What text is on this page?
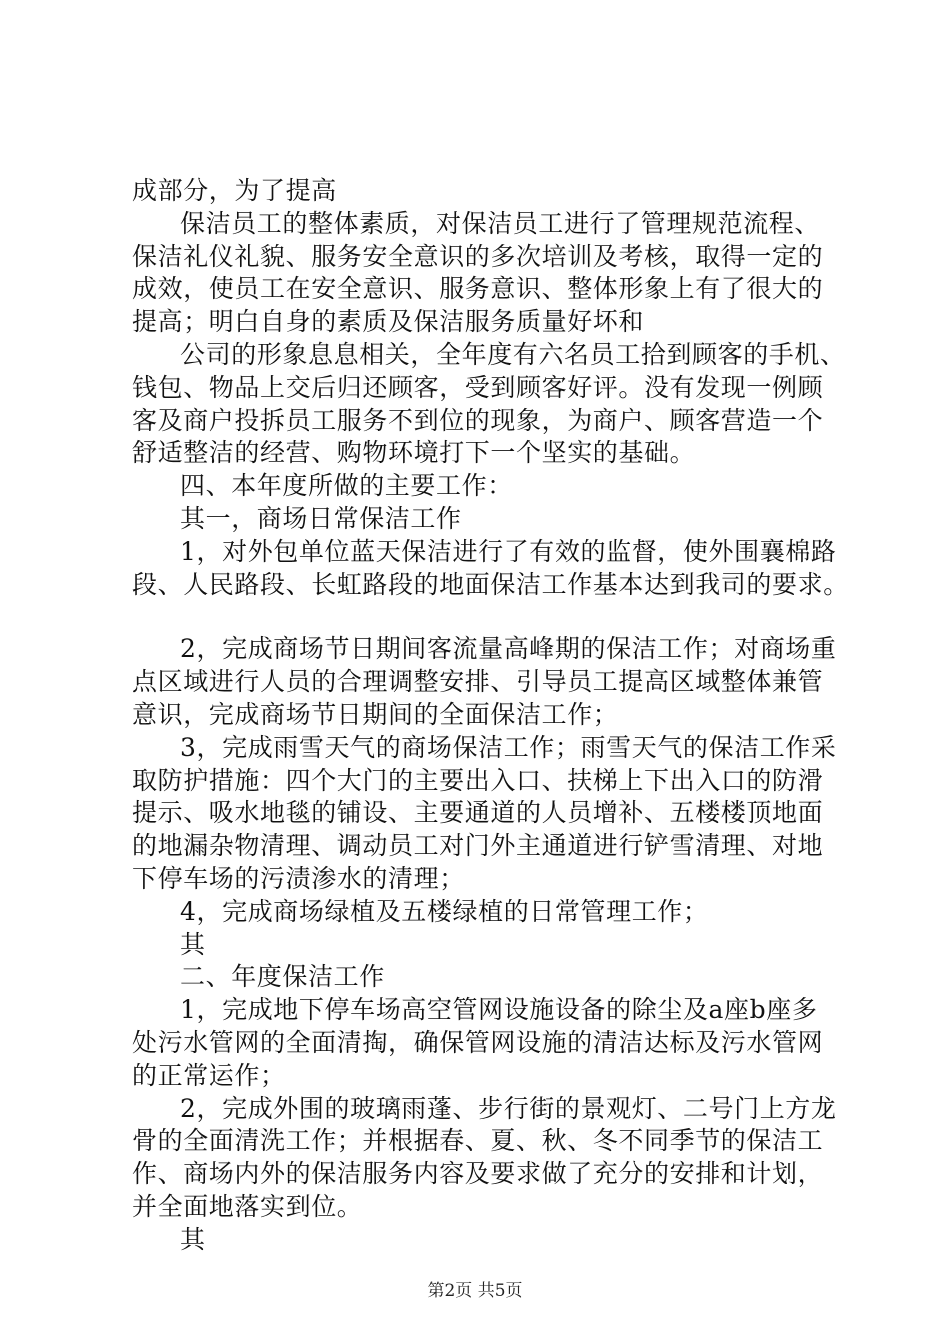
成部分，为了提高
保洁员工的整体素质，对保洁员工进行了管理规范流程、
保洁礼仪礼貌、服务安全意识的多次培训及考核，取得一定的
成效，使员工在安全意识、服务意识、整体形象上有了很大的
提高；明白自身的素质及保洁服务质量好坏和
公司的形象息息相关，全年度有六名员工拾到顾客的手机、
钱包、物品上交后归还顾客，受到顾客好评。没有发现一例顾
客及商户投拆员工服务不到位的现象，为商户、顾客营造一个
舒适整洁的经营、购物环境打下一个坚实的基础。
四、本年度所做的主要工作：
其一，商场日常保洁工作
1，对外包单位蓝天保洁进行了有效的监督，使外围襄棉路
段、人民路段、长虹路段的地面保洁工作基本达到我司的要求。
2，完成商场节日期间客流量高峰期的保洁工作；对商场重
点区域进行人员的合理调整安排、引导员工提高区域整体兼管
意识，完成商场节日期间的全面保洁工作；
3，完成雨雪天气的商场保洁工作；雨雪天气的保洁工作采
取防护措施：四个大门的主要出入口、扶梯上下出入口的防滑
提示、吸水地毯的铺设、主要通道的人员增补、五楼楼顶地面
的地漏杂物清理、调动员工对门外主通道进行铲雪清理、对地
下停车场的污渍渗水的清理；
4，完成商场绿植及五楼绿植的日常管理工作；
其
二、年度保洁工作
1，完成地下停车场高空管网设施设备的除尘及a座b座多
处污水管网的全面清掏，确保管网设施的清洁达标及污水管网
的正常运作；
2，完成外围的玻璃雨蓬、步行街的景观灯、二号门上方龙
骨的全面清洗工作；并根据春、夏、秋、冬不同季节的保洁工
作、商场内外的保洁服务内容及要求做了充分的安排和计划，
并全面地落实到位。
其
第2页 共5页
